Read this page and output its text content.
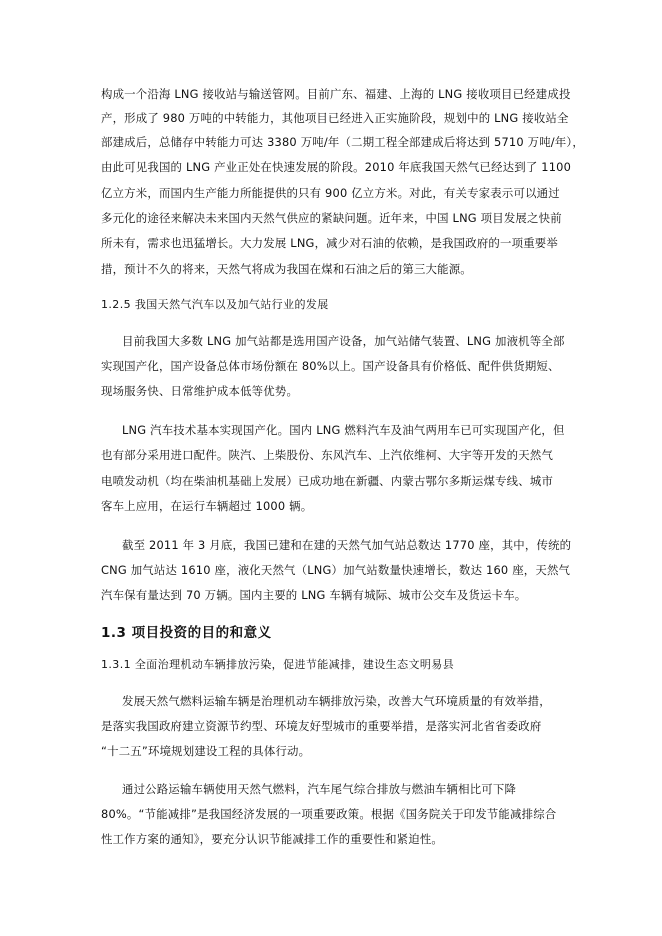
构成一个沿海 LNG 接收站与输送管网。目前广东、福建、上海的 LNG 接收项目已经建成投
产，形成了 980 万吨的中转能力，其他项目已经进入正实施阶段，规划中的 LNG 接收站全
部建成后，总储存中转能力可达 3380 万吨/年（二期工程全部建成后将达到 5710 万吨/年），
由此可见我国的 LNG 产业正处在快速发展的阶段。2010 年底我国天然气已经达到了 1100
亿立方米，而国内生产能力所能提供的只有 900 亿立方米。对此，有关专家表示可以通过
多元化的途径来解决未来国内天然气供应的紧缺问题。近年来，中国 LNG 项目发展之快前
所未有，需求也迅猛增长。大力发展 LNG，减少对石油的依赖，是我国政府的一项重要举
措，预计不久的将来，天然气将成为我国在煤和石油之后的第三大能源。
1.2.5 我国天然气汽车以及加气站行业的发展
目前我国大多数 LNG 加气站都是选用国产设备，加气站储气装置、LNG 加液机等全部
实现国产化，国产设备总体市场份额在 80%以上。国产设备具有价格低、配件供货期短、
现场服务快、日常维护成本低等优势。
LNG 汽车技术基本实现国产化。国内 LNG 燃料汽车及油气两用车已可实现国产化，但
也有部分采用进口配件。陕汽、上柴股份、东风汽车、上汽依维柯、大宇等开发的天然气
电喷发动机（均在柴油机基础上发展）已成功地在新疆、内蒙古鄂尔多斯运煤专线、城市
客车上应用，在运行车辆超过 1000 辆。
截至 2011 年 3 月底，我国已建和在建的天然气加气站总数达 1770 座，其中，传统的
CNG 加气站达 1610 座，液化天然气（LNG）加气站数量快速增长，数达 160 座，天然气
汽车保有量达到 70 万辆。国内主要的 LNG 车辆有城际、城市公交车及货运卡车。
1.3 项目投资的目的和意义
1.3.1 全面治理机动车辆排放污染，促进节能减排，建设生态文明易县
发展天然气燃料运输车辆是治理机动车辆排放污染，改善大气环境质量的有效举措，
是落实我国政府建立资源节约型、环境友好型城市的重要举措，是落实河北省省委政府
“十二五”环境规划建设工程的具体行动。
通过公路运输车辆使用天然气燃料，汽车尾气综合排放与燃油车辆相比可下降
80%。“节能减排”是我国经济发展的一项重要政策。根据《国务院关于印发节能减排综合
性工作方案的通知》，要充分认识节能减排工作的重要性和紧迫性。
